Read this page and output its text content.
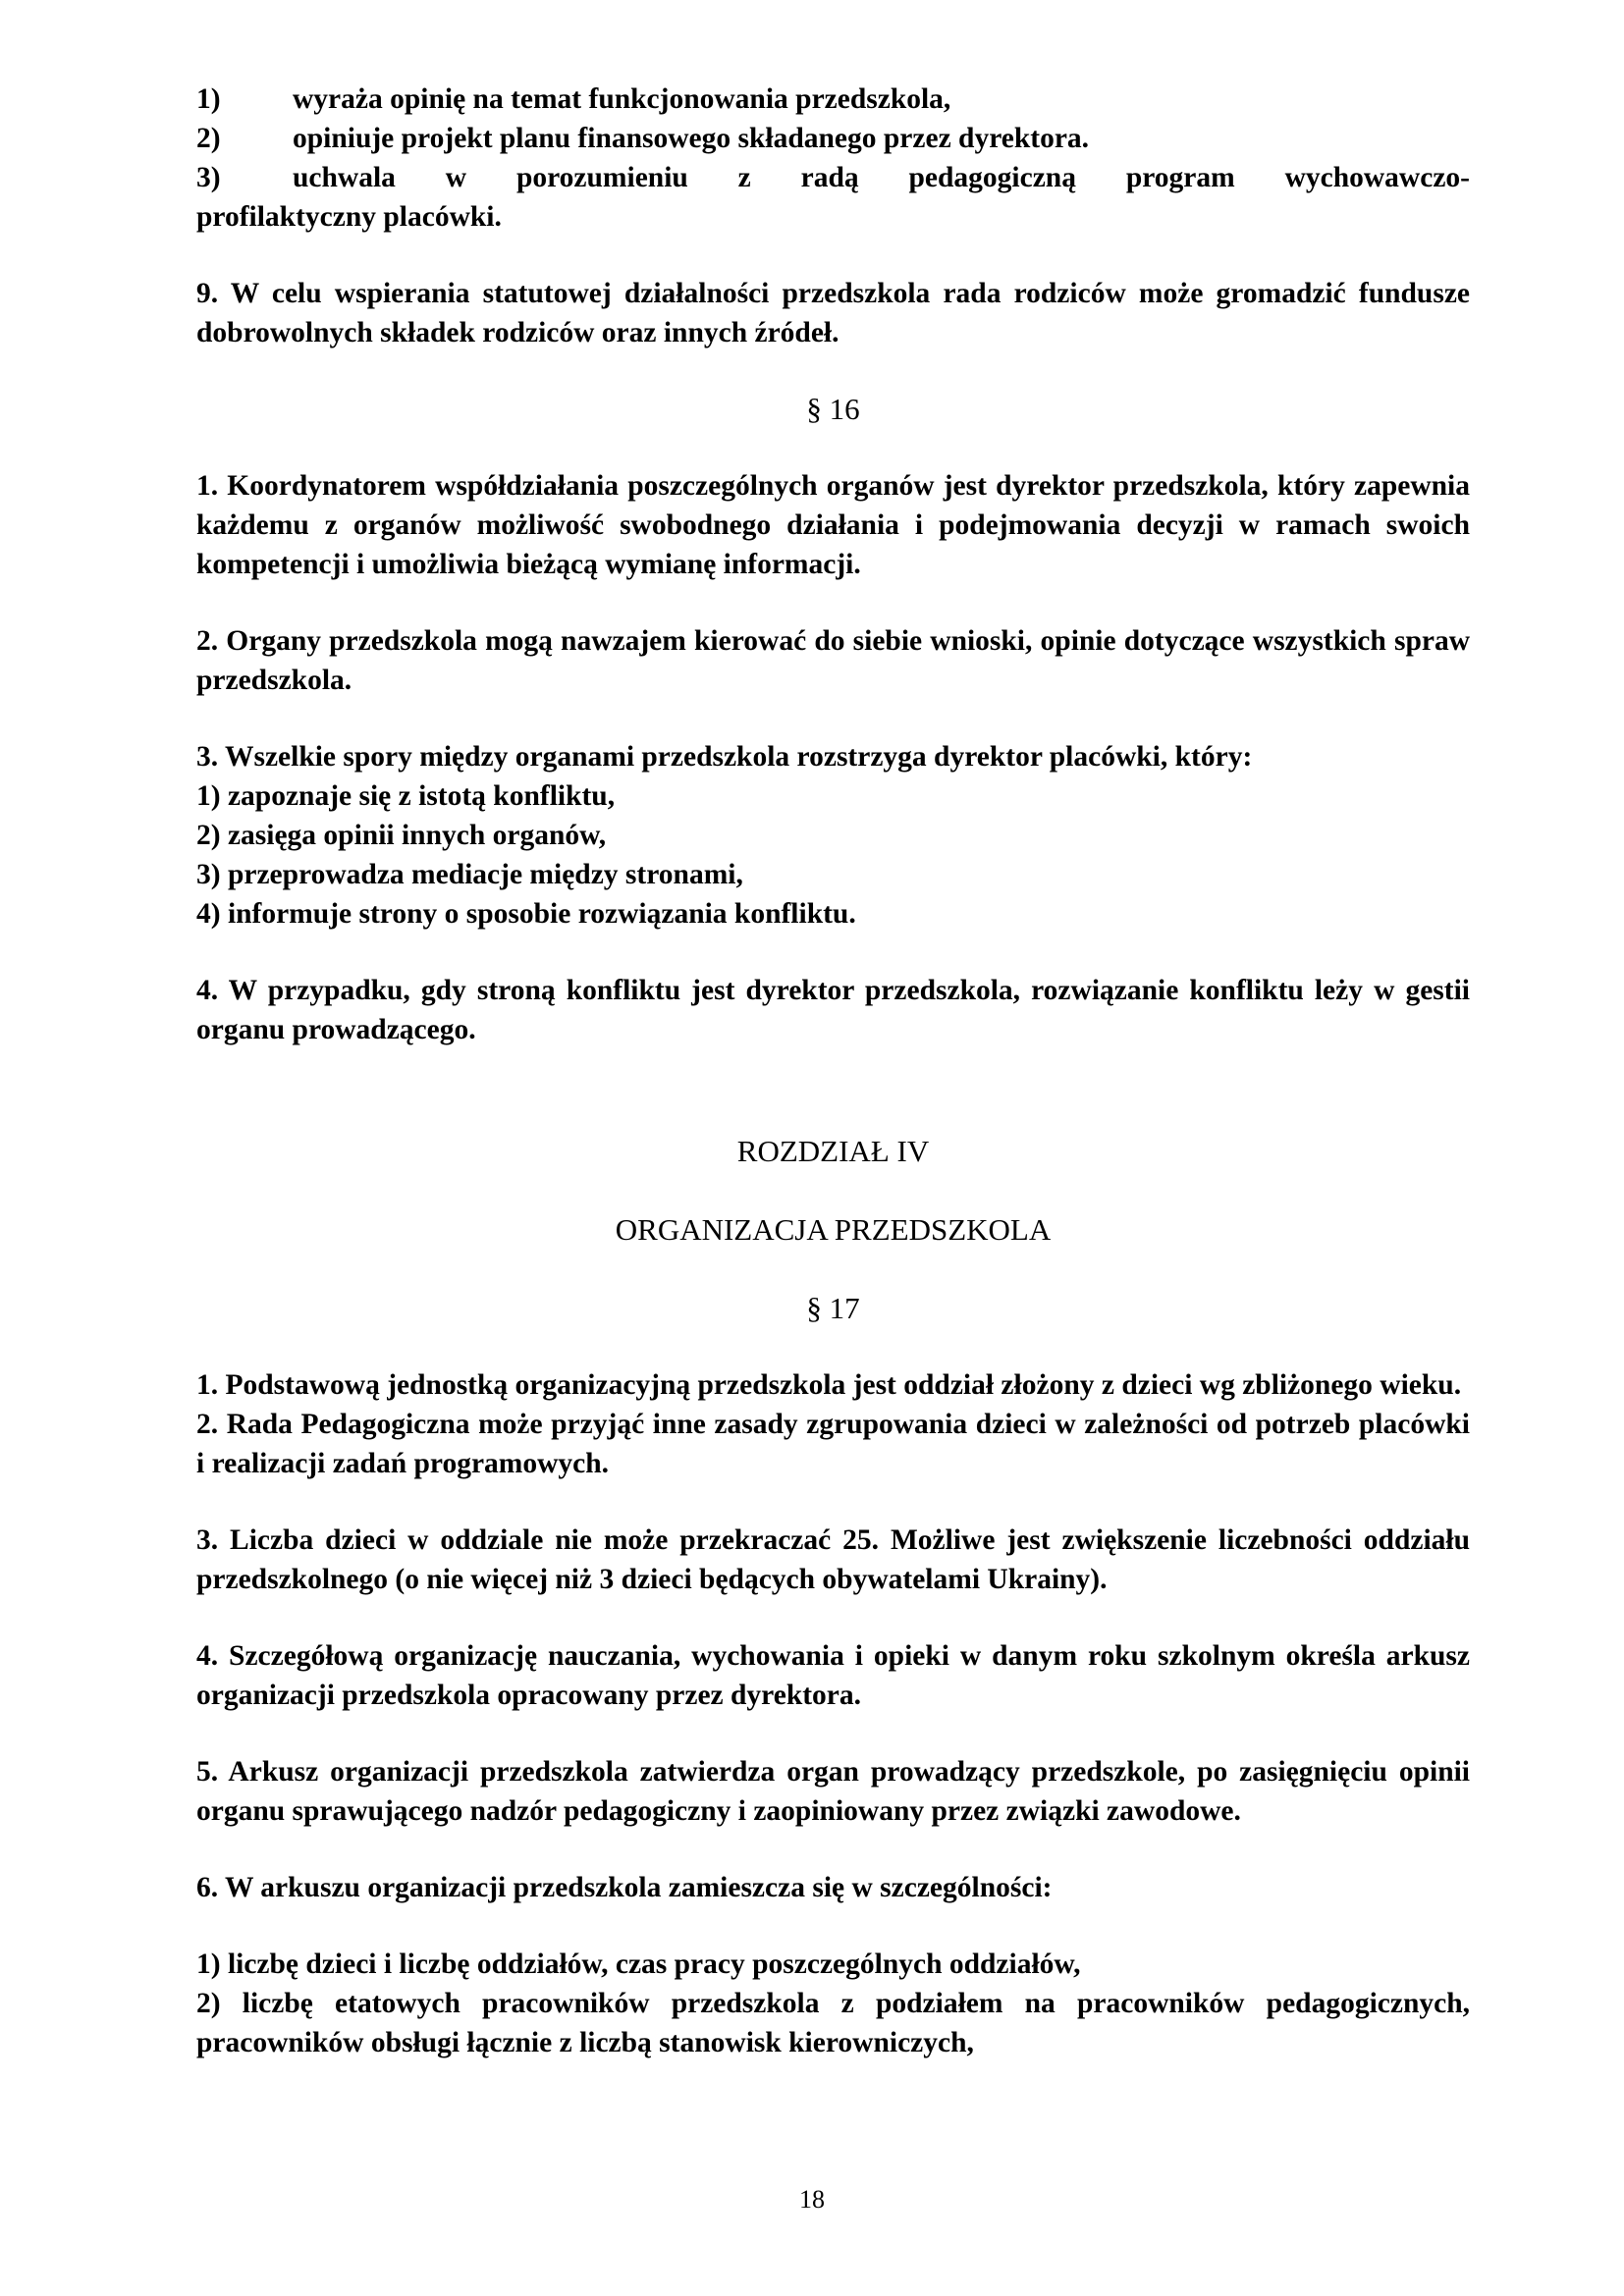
1)	wyraża opinię na temat funkcjonowania przedszkola,
2)	opiniuje projekt planu finansowego składanego przez dyrektora.
3)	uchwala w porozumieniu z radą pedagogiczną program wychowawczo-

profilaktyczny placówki.

9. W celu wspierania statutowej działalności przedszkola rada rodziców może gromadzić fundusze dobrowolnych składek rodziców oraz innych źródeł.

§ 16

1. Koordynatorem współdziałania poszczególnych organów jest dyrektor przedszkola, który zapewnia każdemu z organów możliwość swobodnego działania i podejmowania decyzji w ramach swoich kompetencji i umożliwia bieżącą wymianę informacji.

2. Organy przedszkola mogą nawzajem kierować do siebie wnioski, opinie dotyczące wszystkich spraw przedszkola.

3. Wszelkie spory między organami przedszkola rozstrzyga dyrektor placówki, który:

1) zapoznaje się z istotą konfliktu,

2) zasięga opinii innych organów,

3) przeprowadza mediacje między stronami,

4) informuje strony o sposobie rozwiązania konfliktu.

4. W przypadku, gdy stroną konfliktu jest dyrektor przedszkola, rozwiązanie konfliktu leży w gestii organu prowadzącego.

ROZDZIAŁ IV

ORGANIZACJA PRZEDSZKOLA

§ 17

1. Podstawową jednostką organizacyjną przedszkola jest oddział złożony z dzieci wg zbliżonego wieku.

2. Rada Pedagogiczna może przyjąć inne zasady zgrupowania dzieci w zależności od potrzeb placówki i realizacji zadań programowych.

3. Liczba dzieci w oddziale nie może przekraczać 25. Możliwe jest zwiększenie liczebności oddziału przedszkolnego (o nie więcej niż 3 dzieci będących obywatelami Ukrainy).

4. Szczegółową organizację nauczania, wychowania i opieki w danym roku szkolnym określa arkusz organizacji przedszkola opracowany przez dyrektora.

5. Arkusz organizacji przedszkola zatwierdza organ prowadzący przedszkole, po zasięgnięciu opinii organu sprawującego nadzór pedagogiczny i zaopiniowany przez związki zawodowe.

6. W arkuszu organizacji przedszkola zamieszcza się w szczególności:

1) liczbę dzieci i liczbę oddziałów, czas pracy poszczególnych oddziałów,

2) liczbę etatowych pracowników przedszkola z podziałem na pracowników pedagogicznych, pracowników obsługi łącznie z liczbą stanowisk kierowniczych,

18
